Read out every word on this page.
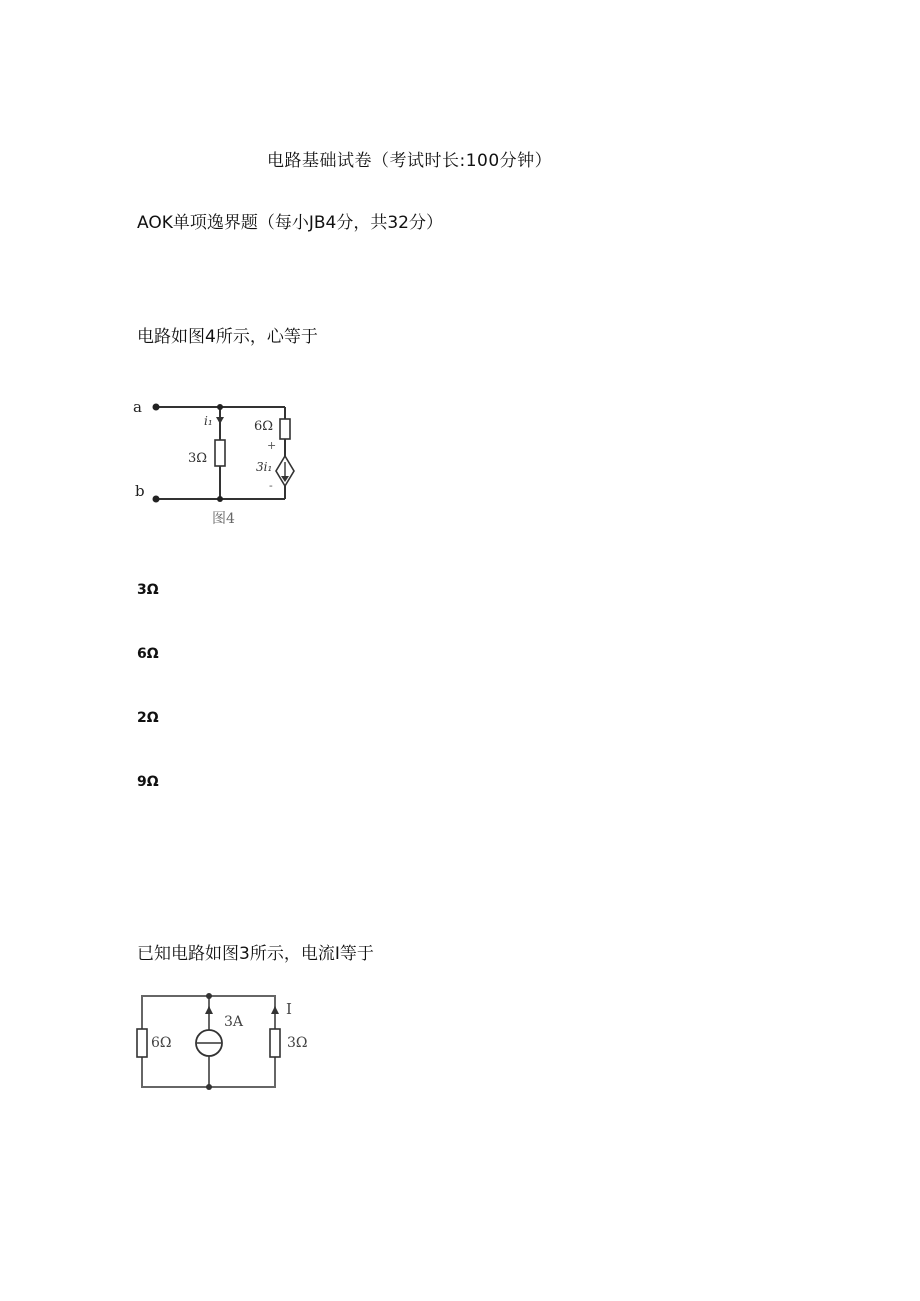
电路基础试卷（考试时长:100分钟）
AOK单项逸界题（每小JB4分，共32分）
电路如图4所示，心等于
a
b
i₁
3Ω
6Ω
+
3i₁
-
图4
3Ω
6Ω
2Ω
9Ω
已知电路如图3所示，电流I等于
6Ω
3A
I
3Ω
